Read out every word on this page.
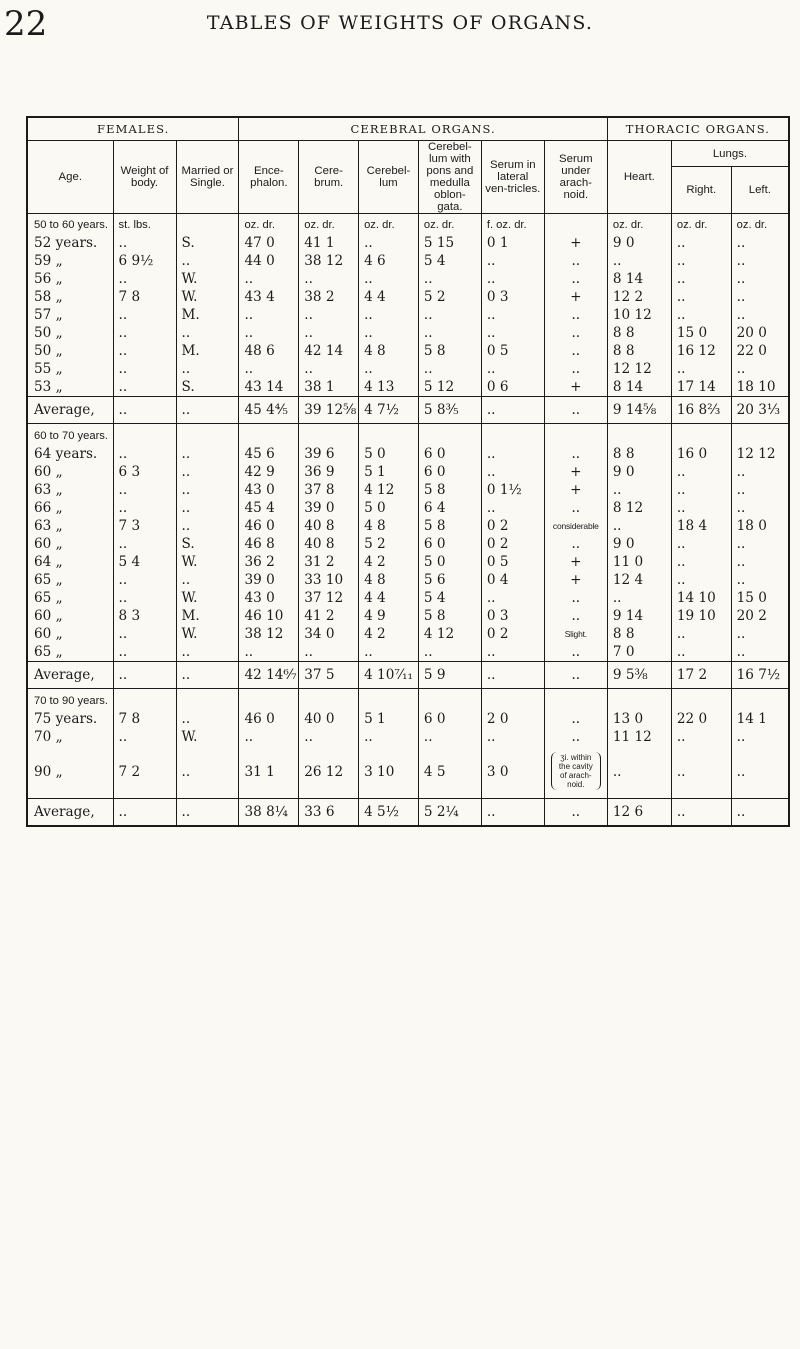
22	TABLES OF WEIGHTS OF ORGANS.
FEMALES.			CEREBRAL ORGANS.						THORACIC ORGANS.		
Age.	Weight of body.	Married or Single.	Ence-phalon.	Cere-brum.	Cerebel-lum	Cerebel-lum with pons and medulla oblon-gata.	Serum in lateral ven-tricles.	Serum under arach-noid.	Heart.	Lungs.	
										Right.	Left.
50 to 60 years.	st. lbs.		oz. dr.	oz. dr.	oz. dr.	oz. dr.	f. oz. dr.		oz. dr.	oz. dr.	oz. dr.
52 years.	..	S.	47 0	41 1	..	5 15	0 1	+	9 0	..	..
59 „	6 9½	..	44 0	38 12	4 6	5 4	..	..	..	..	..
56 „	..	W.	..	..	..	..	..	..	8 14	..	..
58 „	7 8	W.	43 4	38 2	4 4	5 2	0 3	+	12 2	..	..
57 „	..	M.	..	..	..	..	..	..	10 12	..	..
50 „	..	..	..	..	..	..	..	..	8 8	15 0	20 0
50 „	..	M.	48 6	42 14	4 8	5 8	0 5	..	8 8	16 12	22 0
55 „	..	..	..	..	..	..	..	..	12 12	..	..
53 „	..	S.	43 14	38 1	4 13	5 12	0 6	+	8 14	17 14	18 10
Average,	..	..	45 4⅘	39 12⅝	4 7½	5 8⅗	..	..	9 14⅝	16 8⅔	20 3⅓
60 to 70 years.											
64 years.	..	..	45 6	39 6	5 0	6 0	..	..	8 8	16 0	12 12
60 „	6 3	..	42 9	36 9	5 1	6 0	..	+	9 0	..	..
63 „	..	..	43 0	37 8	4 12	5 8	0 1½	+	..	..	..
66 „	..	..	45 4	39 0	5 0	6 4	..	..	8 12	..	..
63 „	7 3	..	46 0	40 8	4 8	5 8	0 2	considerable	..	18 4	18 0
60 „	..	S.	46 8	40 8	5 2	6 0	0 2	..	9 0	..	..
64 „	5 4	W.	36 2	31 2	4 2	5 0	0 5	+	11 0	..	..
65 „	..	..	39 0	33 10	4 8	5 6	0 4	+	12 4	..	..
65 „	..	W.	43 0	37 12	4 4	5 4	..	..	..	14 10	15 0
60 „	8 3	M.	46 10	41 2	4 9	5 8	0 3	..	9 14	19 10	20 2
60 „	..	W.	38 12	34 0	4 2	4 12	0 2	Slight.	8 8	..	..
65 „	..	..	..	..	..	..	..	..	7 0	..	..
Average,	..	..	42 14⁶⁄₇	37 5	4 10⁷⁄₁₁	5 9	..	..	9 5⅜	17 2	16 7½
70 to 90 years.											
75 years.	7 8	..	46 0	40 0	5 1	6 0	2 0	..	13 0	22 0	14 1
70 „	..	W.	..	..	..	..	..	..	11 12	..	..
90 „	7 2	..	31 1	26 12	3 10	4 5	3 0	ʒi. within the cavity of arach-noid.	..	..	..
Average,	..	..	38 8¼	33 6	4 5½	5 2¼	..	..	12 6	..	..
